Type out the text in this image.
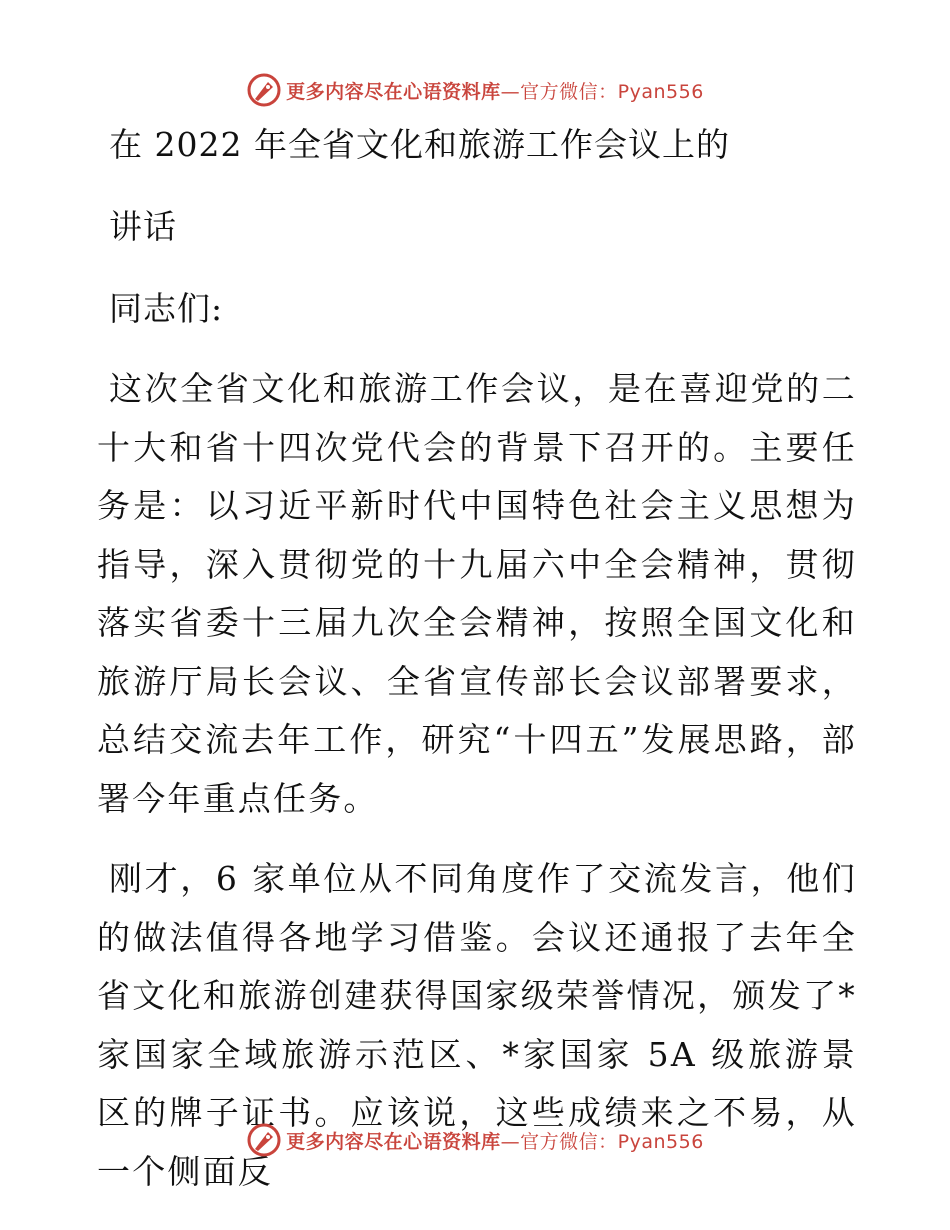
更多内容尽在心语资料库—官方微信：Pyan556
在 2022 年全省文化和旅游工作会议上的
讲话
同志们:

这次全省文化和旅游工作会议，是在喜迎党的二十大和省十四次党代会的背景下召开的。主要任务是：以习近平新时代中国特色社会主义思想为指导，深入贯彻党的十九届六中全会精神，贯彻落实省委十三届九次全会精神，按照全国文化和旅游厅局长会议、全省宣传部长会议部署要求，总结交流去年工作，研究“十四五”发展思路，部署今年重点任务。

刚才，6 家单位从不同角度作了交流发言，他们的做法值得各地学习借鉴。会议还通报了去年全省文化和旅游创建获得国家级荣誉情况，颁发了*家国家全域旅游示范区、*家国家 5A 级旅游景区的牌子证书。应该说，这些成绩来之不易，从一个侧面反

更多内容尽在心语资料库—官方微信：Pyan556
